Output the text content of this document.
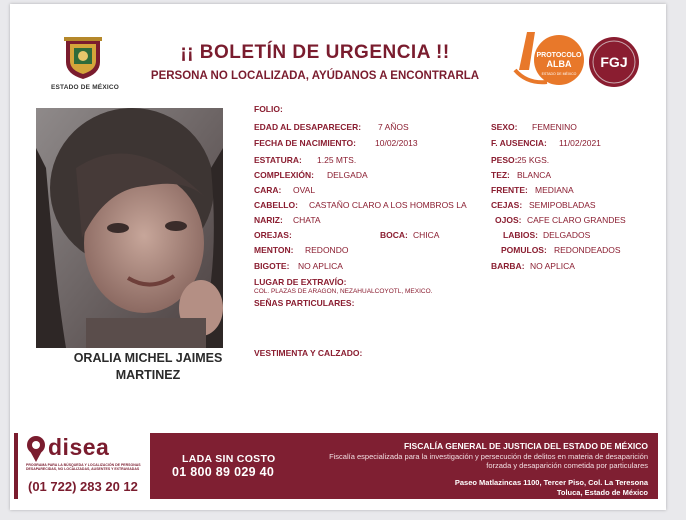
ESTADO DE MÉXICO
¡¡ BOLETÍN DE URGENCIA !!
PERSONA NO LOCALIZADA, AYÚDANOS A ENCONTRARLA
PROTOCOLO
ALBA
ESTADO DE MÉXICO
FGJ
ORALIA MICHEL JAIMES
MARTINEZ
FOLIO:
EDAD AL DESAPARECER: 7 AÑOS	SEXO: FEMENINO
FECHA DE NACIMIENTO: 10/02/2013	F. AUSENCIA: 11/02/2021
ESTATURA: 1.25 MTS.	PESO: 25 KGS.
COMPLEXIÓN: DELGADA	TEZ: BLANCA
CARA: OVAL	FRENTE: MEDIANA
CABELLO: CASTAÑO CLARO A LOS HOMBROS LA	CEJAS: SEMIPOBLADAS
NARIZ: CHATA	OJOS: CAFE CLARO GRANDES
OREJAS:	BOCA: CHICA	LABIOS: DELGADOS
MENTON: REDONDO	POMULOS: REDONDEADOS
BIGOTE: NO APLICA	BARBA: NO APLICA
LUGAR DE EXTRAVÍO:
COL. PLAZAS DE ARAGON, NEZAHUALCOYOTL, MEXICO.
SEÑAS PARTICULARES:
VESTIMENTA Y CALZADO:
disea
PROGRAMA PARA LA BÚSQUEDA Y LOCALIZACIÓN DE PERSONAS DESAPARECIDAS, NO LOCALIZADAS, AUSENTES Y EXTRAVIADAS
(01 722) 283 20 12
LADA SIN COSTO
01 800 89 029 40
FISCALÍA GENERAL DE JUSTICIA DEL ESTADO DE MÉXICO
Fiscalía especializada para la investigación y persecución de delitos en materia de desaparición forzada y desaparición cometida por particulares
Paseo Matlazincas 1100, Tercer Piso, Col. La Teresona
Toluca, Estado de México
